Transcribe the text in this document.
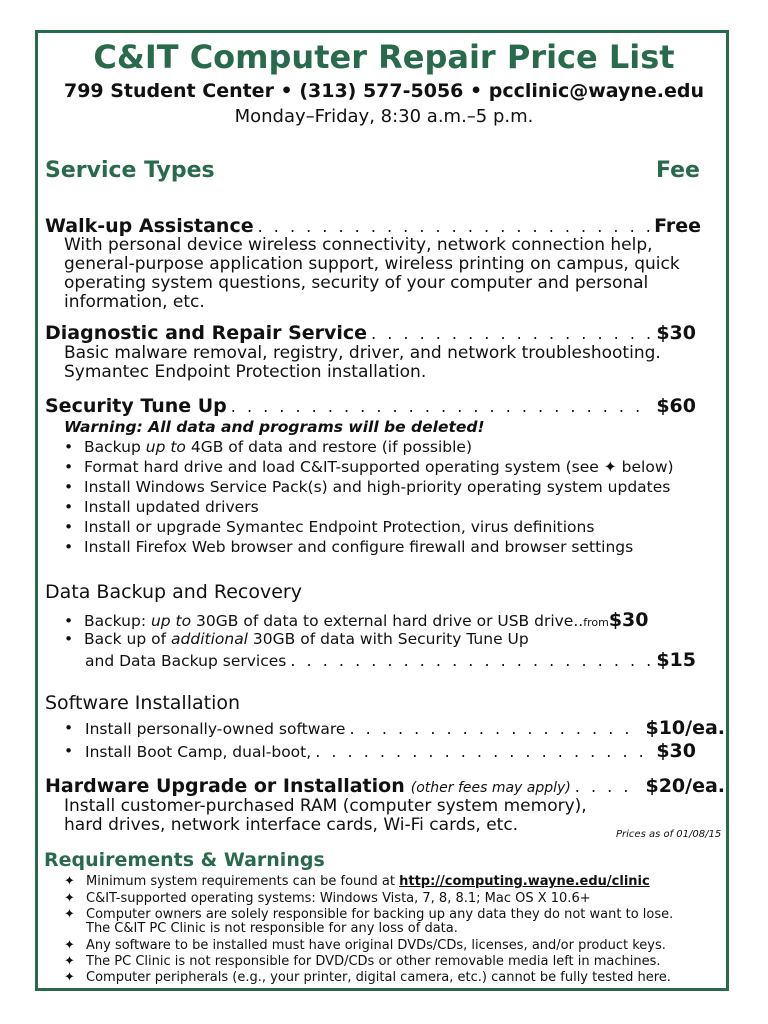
C&IT Computer Repair Price List
799 Student Center • (313) 577-5056 • pcclinic@wayne.edu
Monday–Friday, 8:30 a.m.–5 p.m.
Service Types	Fee
Walk-up Assistance . . .	Free
With personal device wireless connectivity, network connection help,
general-purpose application support, wireless printing on campus, quick
operating system questions, security of your computer and personal
information, etc.
Diagnostic and Repair Service . . .	$30
Basic malware removal, registry, driver, and network troubleshooting.
Symantec Endpoint Protection installation.
Security Tune Up . . .	$60
Warning: All data and programs will be deleted!
• Backup up to 4GB of data and restore (if possible)
• Format hard drive and load C&IT-supported operating system (see ✦ below)
• Install Windows Service Pack(s) and high-priority operating system updates
• Install updated drivers
• Install or upgrade Symantec Endpoint Protection, virus definitions
• Install Firefox Web browser and configure firewall and browser settings
Data Backup and Recovery
• Backup: up to 30GB of data to external hard drive or USB drive..from$30
• Back up of additional 30GB of data with Security Tune Up
and Data Backup services . . .	$15
Software Installation
• Install personally-owned software . . .	$10/ea.
• Install Boot Camp, dual-boot, . . .	$30
Hardware Upgrade or Installation (other fees may apply) . . .	$20/ea.
Install customer-purchased RAM (computer system memory),
hard drives, network interface cards, Wi-Fi cards, etc.	Prices as of 01/08/15
Requirements & Warnings
✦ Minimum system requirements can be found at http://computing.wayne.edu/clinic
✦ C&IT-supported operating systems: Windows Vista, 7, 8, 8.1; Mac OS X 10.6+
✦ Computer owners are solely responsible for backing up any data they do not want to lose.
The C&IT PC Clinic is not responsible for any loss of data.
✦ Any software to be installed must have original DVDs/CDs, licenses, and/or product keys.
✦ The PC Clinic is not responsible for DVD/CDs or other removable media left in machines.
✦ Computer peripherals (e.g., your printer, digital camera, etc.) cannot be fully tested here.
